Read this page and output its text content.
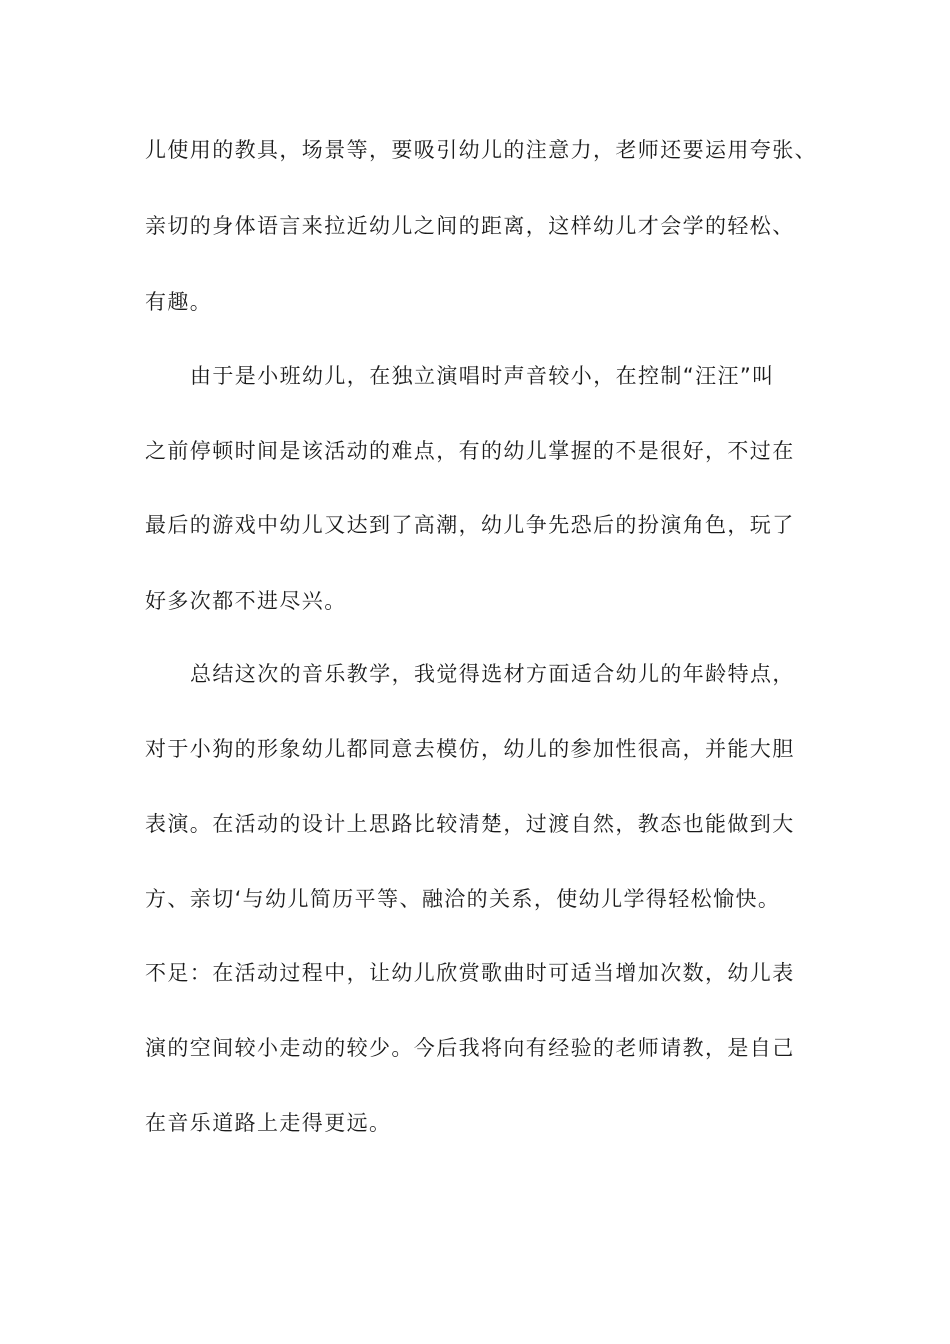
儿使用的教具，场景等，要吸引幼儿的注意力，老师还要运用夸张、
亲切的身体语言来拉近幼儿之间的距离，这样幼儿才会学的轻松、
有趣。
由于是小班幼儿，在独立演唱时声音较小，在控制“汪汪”叫
之前停顿时间是该活动的难点，有的幼儿掌握的不是很好，不过在
最后的游戏中幼儿又达到了高潮，幼儿争先恐后的扮演角色，玩了
好多次都不进尽兴。
总结这次的音乐教学，我觉得选材方面适合幼儿的年龄特点，
对于小狗的形象幼儿都同意去模仿，幼儿的参加性很高，并能大胆
表演。在活动的设计上思路比较清楚，过渡自然，教态也能做到大
方、亲切‘与幼儿简历平等、融洽的关系，使幼儿学得轻松愉快。
不足：在活动过程中，让幼儿欣赏歌曲时可适当增加次数，幼儿表
演的空间较小走动的较少。今后我将向有经验的老师请教，是自己
在音乐道路上走得更远。
